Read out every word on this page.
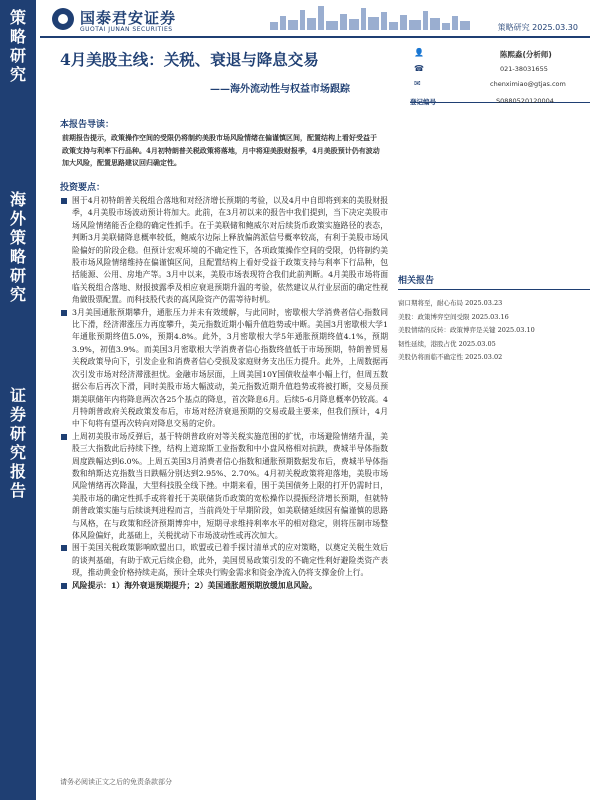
策
略
研
究
海
外
策
略
研
究
证
券
研
究
报
告
国泰君安证券
GUOTAI JUNAN SECURITIES	策略研究 2025.03.30
4月美股主线：关税、衰退与降息交易
——海外流动性与权益市场跟踪
👤	陈熙淼(分析师)
☎	021-38031655
✉	chenximiao@gtjas.com
登记编号	S0880520120004
本报告导读：
前期报告提示，政策操作空间的受限仍将制约美股市场风险情绪在偏谨慎区间，配置结构上看好受益于政策支持与利率下行品种。4月初特朗普关税政策将落地，月中将迎美股财报季，4月美股预计仍有波动加大风险，配置思路建议回归确定性。
投资要点：

围于4月初特朗普关税组合落地和对经济增长预期的考验，以及4月中自即将到来的美股财报季，4月美股市场波动预计将加大。此前，在3月初以来的报告中我们提到，当下决定美股市场风险情绪能否企稳的确定性抓手。在于美联储和鲍威尔对后续货币政策实施路径的表态，判断3月美联储降息概率较低，鲍威尔边际上释放偏鸽派信号概率较高，有利于美股市场风险偏好的阶段企稳。但预计宏观环境的不确定性下，各项政策操作空间的受限，仍将制约美股市场风险情绪维持在偏谨慎区间，且配置结构上看好受益于政策支持与利率下行品种，包括能源、公用、房地产等。3月中以来，美股市场表现符合我们此前判断。4月美股市场将面临关税组合落地、财报披露季及相应衰退预期升温的考验，依然建议从行业层面的确定性视角做股票配置。而科技股代表的高风险资产仍需等待时机。

3月美国通胀预期攀升，通胀压力并未有效缓解，与此同时，密歇根大学消费者信心指数同比下滑，经济滞涨压力再度攀升，美元指数近期小幅升值趋势或中断。美国3月密歇根大学1年通胀预期终值5.0%，预期4.8%。此外，3月密歇根大学5年通胀预期终值4.1%，预期3.9%，初值3.9%。而美国3月密歇根大学消费者信心指数终值低于市场预期，特朗普贸易关税政策导向下，引发企业和消费者信心受损及家庭财务支出压力提升。此外，上周数据再次引发市场对经济滞涨担忧。金融市场层面，上周美国10Y国债收益率小幅上行，但周五数据公布后再次下滑，同时美股市场大幅波动，美元指数近期升值趋势或将被打断，交易员预期美联储年内将降息两次各25个基点的降息，首次降息6月。后续5-6月降息概率仍较高。4月特朗普政府关税政策发布后，市场对经济衰退预期的交易或最主要来，但我们预计，4月中下旬将有望再次转向对降息交易的定价。

上周初美股市场反弹后，基于特朗普政府对等关税实施范围的扩忧，市场避险情绪升温，美股三大指数此后持续下挫，结构上道琼斯工业指数和中小盘风格相对抗跌，费城半导体指数周度跌幅达到6.0%。上周五美国3月消费者信心指数和通胀预期数据发布后，费城半导体指数和纳斯达克指数当日跌幅分别达到2.95%、2.70%。4月初关税政策将迎落地，美股市场风险情绪再次降温，大型科技股全线下挫。中期来看，围于美国债务上限的打开仍需时日，美股市场的确定性抓手或将着托于美联储货币政策的宽松操作以提振经济增长预期，但就特朗普政策实施与后续谈判进程而言，当前尚处于早期阶段，如美联储延续因有偏谨慎的思路与风格，在与政策和经济预期博弈中，短期寻求维持利率水平的相对稳定，则将压制市场整体风险偏好，此基础上，关税扰动下市场波动性或再次加大。

围于美国关税政策影响欧盟出口，欧盟或已着手探讨清单式的应对策略，以奠定关税生效后的谈判基础，有助于欧元后续企稳，此外，美国贸易政策引发的不确定性利好避险类资产表现，推动黄金价格持续走高，预计全球央行购金需求和资金净流入仍将支撑金价上行。

风险提示：1）海外衰退预期提升；2）美国通胀超预期放缓加息风险。

相关报告
窗口期将至，耐心布局 2025.03.23
美股：政策博弈空间受限 2025.03.16
美股情绪的反转：政策博弈是关键 2025.03.10
韧性延续，港股占优 2025.03.05
美股仍将面临不确定性 2025.03.02
请务必阅读正文之后的免责条款部分
